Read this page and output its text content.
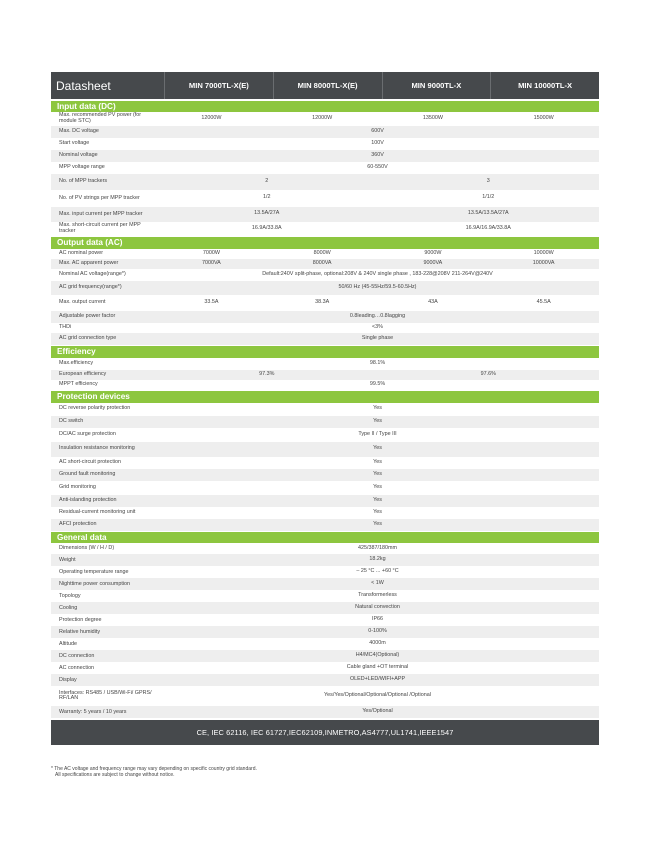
Datasheet	MIN 7000TL-X(E)	MIN 8000TL-X(E)	MIN 9000TL-X	MIN 10000TL-X
Input data (DC)
Max. recommended PV power (for module STC)	12000W	12000W	13500W	15000W
Max. DC voltage	600V
Start voltage	100V
Nominal voltage	360V
MPP voltage range	60-550V
No. of MPP trackers	2	3
No. of PV strings per MPP tracker	1/2	1/1/2
Max. input current per MPP tracker	13.5A/27A	13.5A/13.5A/27A
Max. short-circuit current per MPP tracker	16.9A/33.8A	16.9A/16.9A/33.8A
Output data (AC)
AC nominal power	7000W	8000W	9000W	10000W
Max. AC apparent power	7000VA	8000VA	9000VA	10000VA
Nominal AC voltage(range*)	Default:240V split-phase, optional:208V & 240V single phase , 183-228@208V 211-264V@240V
AC grid frequency(range*)	50/60 Hz (45-55Hz/59.5-60.5Hz)
Max. output current	33.5A	38.3A	43A	45.5A
Adjustable power factor	0.8leading…0.8lagging
THDi	<3%
AC grid connection type	Single phase
Efficiency
Max.efficiency	98.1%
European efficiency	97.3%	97.6%
MPPT efficiency	99.5%
Protection devices
DC reverse polarity protection	Yes
DC switch	Yes
DC/AC surge protection	Type II / Type III
Insulation resistance monitoring	Yes
AC short-circuit protection	Yes
Ground fault monitoring	Yes
Grid monitoring	Yes
Anti-islanding protection	Yes
Residual-current monitoring unit	Yes
AFCI protection	Yes
General data
Dimensions (W / H / D)	425/387/180mm
Weight	18.2kg
Operating temperature range	– 25 °C ... +60 °C
Nighttime power consumption	< 1W
Topology	Transformerless
Cooling	Natural convection
Protection degree	IP66
Relative humidity	0-100%
Altitude	4000m
DC connection	H4/MC4(Optional)
AC connection	Cable gland +OT terminal
Display	OLED+LED/WIFI+APP
Interfaces: RS485 / USB/Wi-Fi/ GPRS/ RF/LAN	Yes/Yes/Optional/Optional/Optional /Optional
Warranty: 5 years / 10 years	Yes/Optional
CE, IEC 62116, IEC 61727,IEC62109,INMETRO,AS4777,UL1741,IEEE1547
* The AC voltage and frequency range may vary depending on specific country grid standard.
All specifications are subject to change without notice.
